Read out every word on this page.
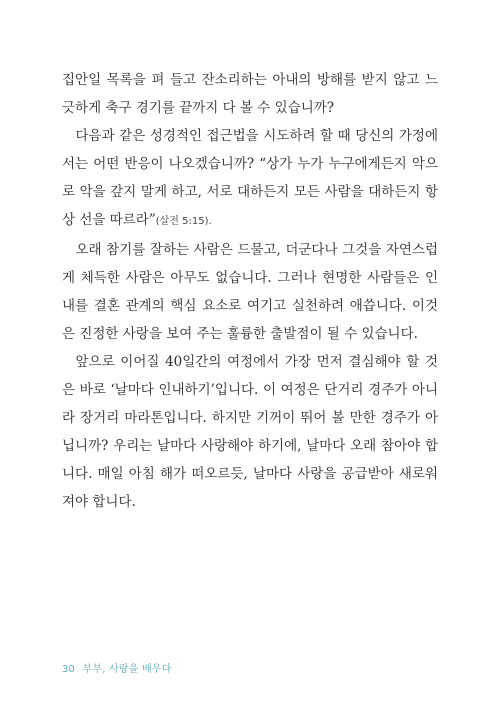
집안일 목록을 펴 들고 잔소리하는 아내의 방해를 받지 않고 느긋하게 축구 경기를 끝까지 다 볼 수 있습니까?

다음과 같은 성경적인 접근법을 시도하려 할 때 당신의 가정에서는 어떤 반응이 나오겠습니까? “상가 누가 누구에게든지 악으로 악을 갚지 말게 하고, 서로 대하든지 모든 사람을 대하든지 항상 선을 따르라”(살전 5:15).

오래 참기를 잘하는 사람은 드물고, 더군다나 그것을 자연스럽게 체득한 사람은 아무도 없습니다. 그러나 현명한 사람들은 인내를 결혼 관계의 핵심 요소로 여기고 실천하려 애씁니다. 이것은 진정한 사랑을 보여 주는 훌륭한 출발점이 될 수 있습니다.

앞으로 이어질 40일간의 여정에서 가장 먼저 결심해야 할 것은 바로 ‘날마다 인내하기’입니다. 이 여정은 단거리 경주가 아니라 장거리 마라톤입니다. 하지만 기꺼이 뛰어 볼 만한 경주가 아닙니까? 우리는 날마다 사랑해야 하기에, 날마다 오래 참아야 합니다. 매일 아침 해가 떠오르듯, 날마다 사랑을 공급받아 새로워져야 합니다.

30 부부, 사랑을 배우다
